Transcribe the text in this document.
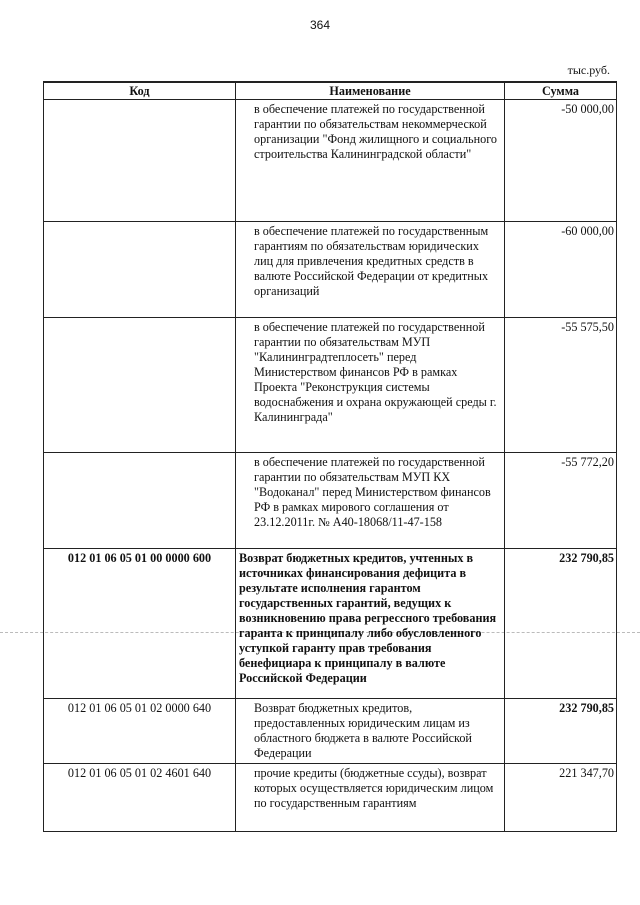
364
тыс.руб.
Код	Наименование	Сумма
	в обеспечение платежей по государственной гарантии по обязательствам некоммерческой организации "Фонд жилищного и социального строительства Калининградской области"	-50 000,00
	в обеспечение платежей по государственным гарантиям по обязательствам юридических лиц для привлечения кредитных средств в валюте Российской Федерации от кредитных организаций	-60 000,00
	в обеспечение платежей по государственной гарантии по обязательствам МУП "Калининградтеплосеть" перед Министерством финансов РФ в рамках Проекта "Реконструкция системы водоснабжения и охрана окружающей среды г. Калининграда"	-55 575,50
	в обеспечение платежей по государственной гарантии по обязательствам МУП КХ "Водоканал" перед Министерством финансов РФ в рамках мирового соглашения от 23.12.2011г. № А40-18068/11-47-158	-55 772,20
012 01 06 05 01 00 0000 600	Возврат бюджетных кредитов, учтенных в источниках финансирования дефицита в результате исполнения гарантом государственных гарантий, ведущих к возникновению права регрессного требования гаранта к принципалу либо обусловленного уступкой гаранту прав требования бенефициара к принципалу в валюте Российской Федерации	232 790,85
012 01 06 05 01 02 0000 640	Возврат бюджетных кредитов, предоставленных юридическим лицам из областного бюджета в валюте Российской Федерации	232 790,85
012 01 06 05 01 02 4601 640	прочие кредиты (бюджетные ссуды), возврат которых осуществляется юридическим лицом по государственным гарантиям	221 347,70
